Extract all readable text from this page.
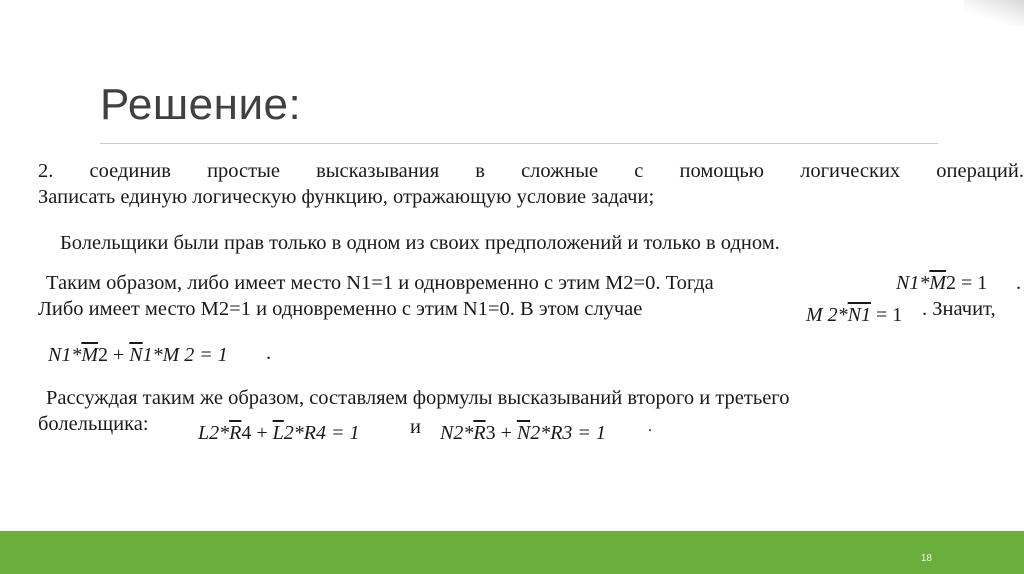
Решение:
2. соединив простые высказывания в сложные с помощью логических операций.
Записать единую логическую функцию, отражающую условие задачи;
Болельщики были прав только в одном из своих предположений и только в одном.
Таким образом, либо имеет место N1=1 и одновременно с этим M2=0. Тогда	$N1*\overline{M}2 = 1$ .
Либо имеет место M2=1 и одновременно с этим N1=0. В этом случае	M 2*N1 = 1 . Значит,
$N1*\overline{M}2 + \overline{N}1*M$ 2 = 1 .
Рассуждая таким же образом, составляем формулы высказываний второго и третьего
болельщика: $L2*\overline{R}4 + \overline{L}2*R4 = 1$ и $N2*\overline{R}3 + \overline{N}2*R3 = 1$	.
18
